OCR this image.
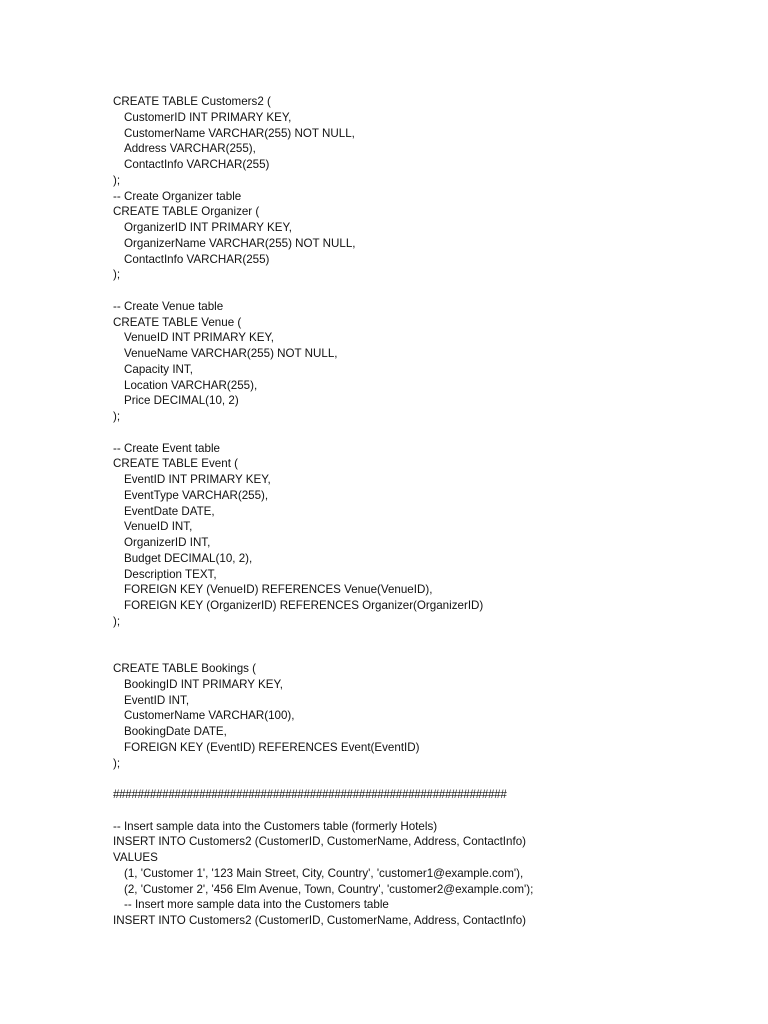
CREATE TABLE Customers2 (
CustomerID INT PRIMARY KEY,
CustomerName VARCHAR(255) NOT NULL,
Address VARCHAR(255),
ContactInfo VARCHAR(255)
);
-- Create Organizer table
CREATE TABLE Organizer (
OrganizerID INT PRIMARY KEY,
OrganizerName VARCHAR(255) NOT NULL,
ContactInfo VARCHAR(255)
);
-- Create Venue table
CREATE TABLE Venue (
VenueID INT PRIMARY KEY,
VenueName VARCHAR(255) NOT NULL,
Capacity INT,
Location VARCHAR(255),
Price DECIMAL(10, 2)
);
-- Create Event table
CREATE TABLE Event (
EventID INT PRIMARY KEY,
EventType VARCHAR(255),
EventDate DATE,
VenueID INT,
OrganizerID INT,
Budget DECIMAL(10, 2),
Description TEXT,
FOREIGN KEY (VenueID) REFERENCES Venue(VenueID),
FOREIGN KEY (OrganizerID) REFERENCES Organizer(OrganizerID)
);
CREATE TABLE Bookings (
BookingID INT PRIMARY KEY,
EventID INT,
CustomerName VARCHAR(100),
BookingDate DATE,
FOREIGN KEY (EventID) REFERENCES Event(EventID)
);
################################################################
-- Insert sample data into the Customers table (formerly Hotels)
INSERT INTO Customers2 (CustomerID, CustomerName, Address, ContactInfo)
VALUES
(1, 'Customer 1', '123 Main Street, City, Country', 'customer1@example.com'),
(2, 'Customer 2', '456 Elm Avenue, Town, Country', 'customer2@example.com');
-- Insert more sample data into the Customers table
INSERT INTO Customers2 (CustomerID, CustomerName, Address, ContactInfo)
